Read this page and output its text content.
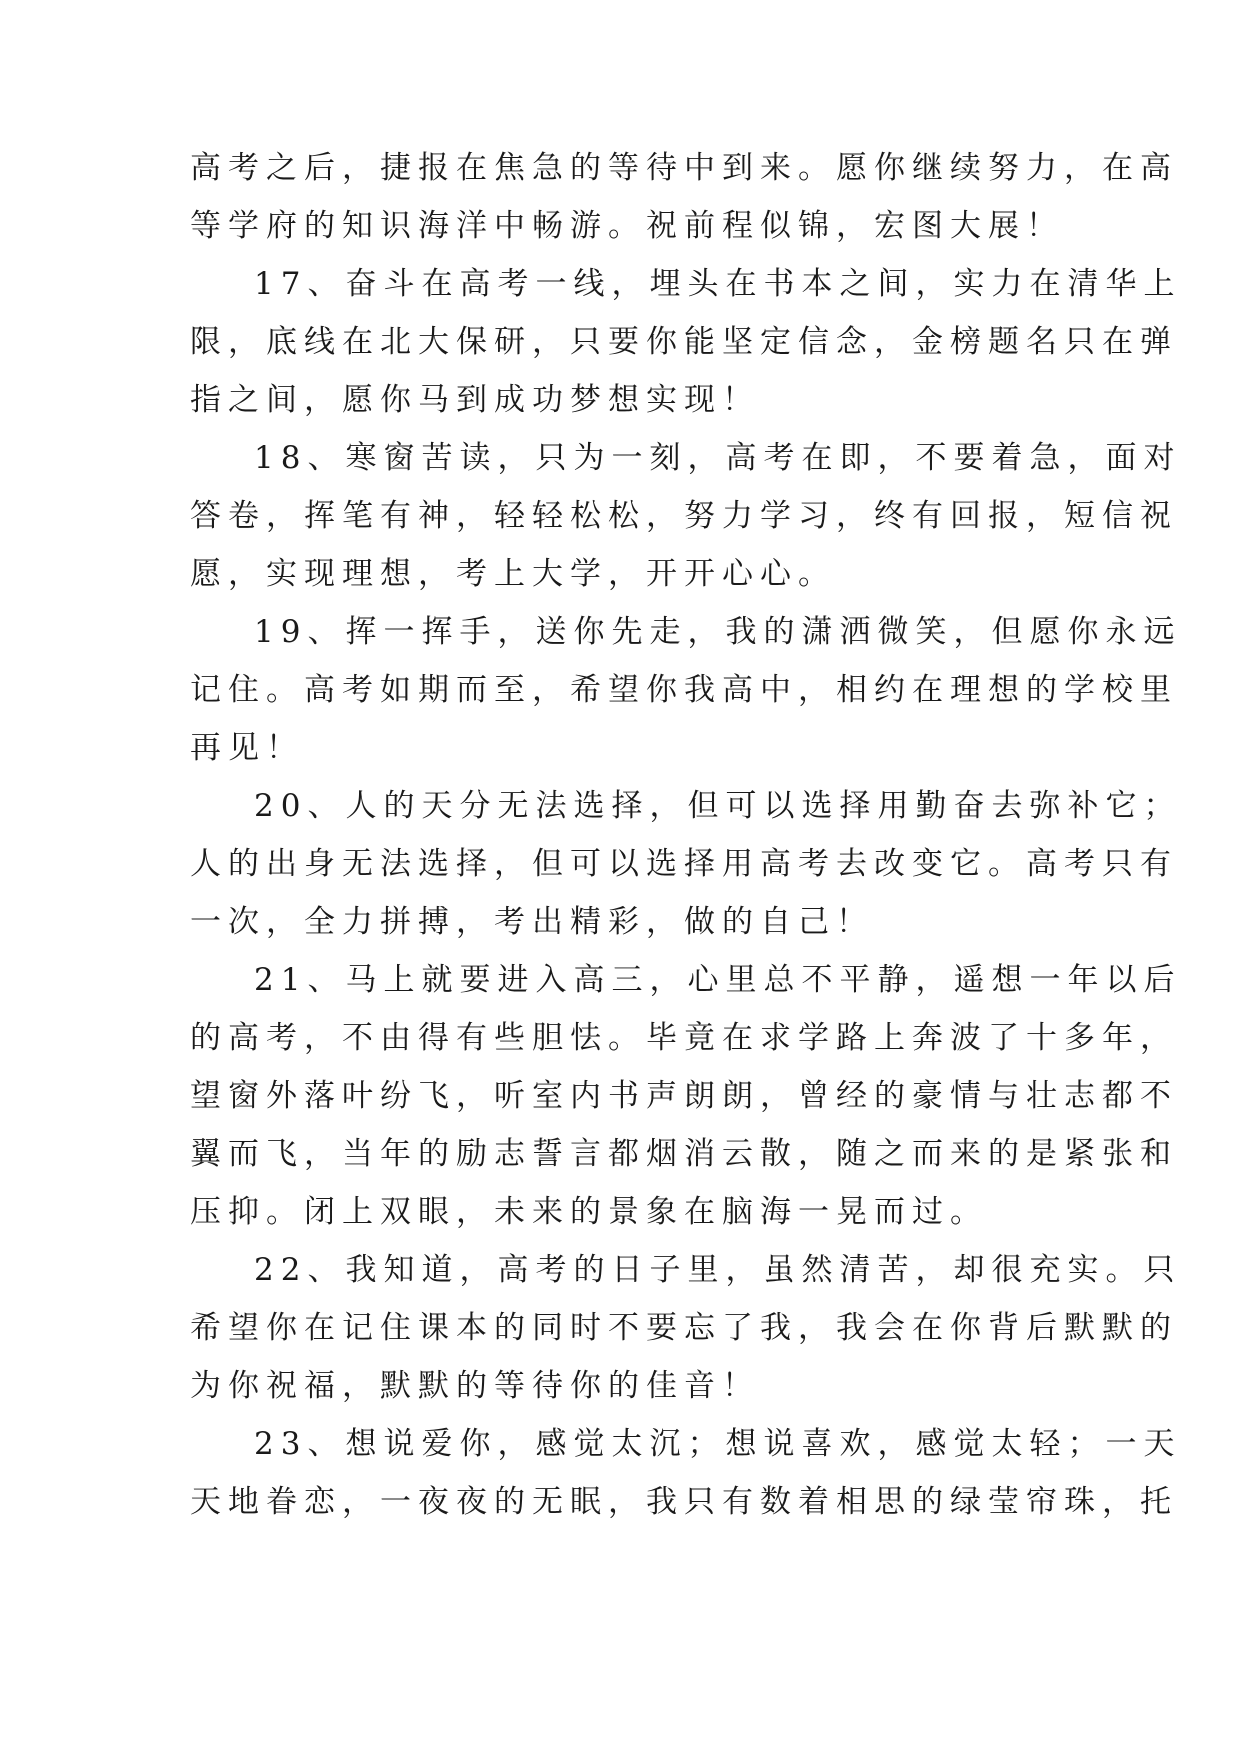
高考之后，捷报在焦急的等待中到来。愿你继续努力，在高
等学府的知识海洋中畅游。祝前程似锦，宏图大展！
17、奋斗在高考一线，埋头在书本之间，实力在清华上
限，底线在北大保研，只要你能坚定信念，金榜题名只在弹
指之间，愿你马到成功梦想实现！
18、寒窗苦读，只为一刻，高考在即，不要着急，面对
答卷，挥笔有神，轻轻松松，努力学习，终有回报，短信祝
愿，实现理想，考上大学，开开心心。
19、挥一挥手，送你先走，我的潇洒微笑，但愿你永远
记住。高考如期而至，希望你我高中，相约在理想的学校里
再见！
20、人的天分无法选择，但可以选择用勤奋去弥补它；
人的出身无法选择，但可以选择用高考去改变它。高考只有
一次，全力拼搏，考出精彩，做的自己！
21、马上就要进入高三，心里总不平静，遥想一年以后
的高考，不由得有些胆怯。毕竟在求学路上奔波了十多年，
望窗外落叶纷飞，听室内书声朗朗，曾经的豪情与壮志都不
翼而飞，当年的励志誓言都烟消云散，随之而来的是紧张和
压抑。闭上双眼，未来的景象在脑海一晃而过。
22、我知道，高考的日子里，虽然清苦，却很充实。只
希望你在记住课本的同时不要忘了我，我会在你背后默默的
为你祝福，默默的等待你的佳音！
23、想说爱你，感觉太沉；想说喜欢，感觉太轻；一天
天地眷恋，一夜夜的无眠，我只有数着相思的绿莹帘珠，托
